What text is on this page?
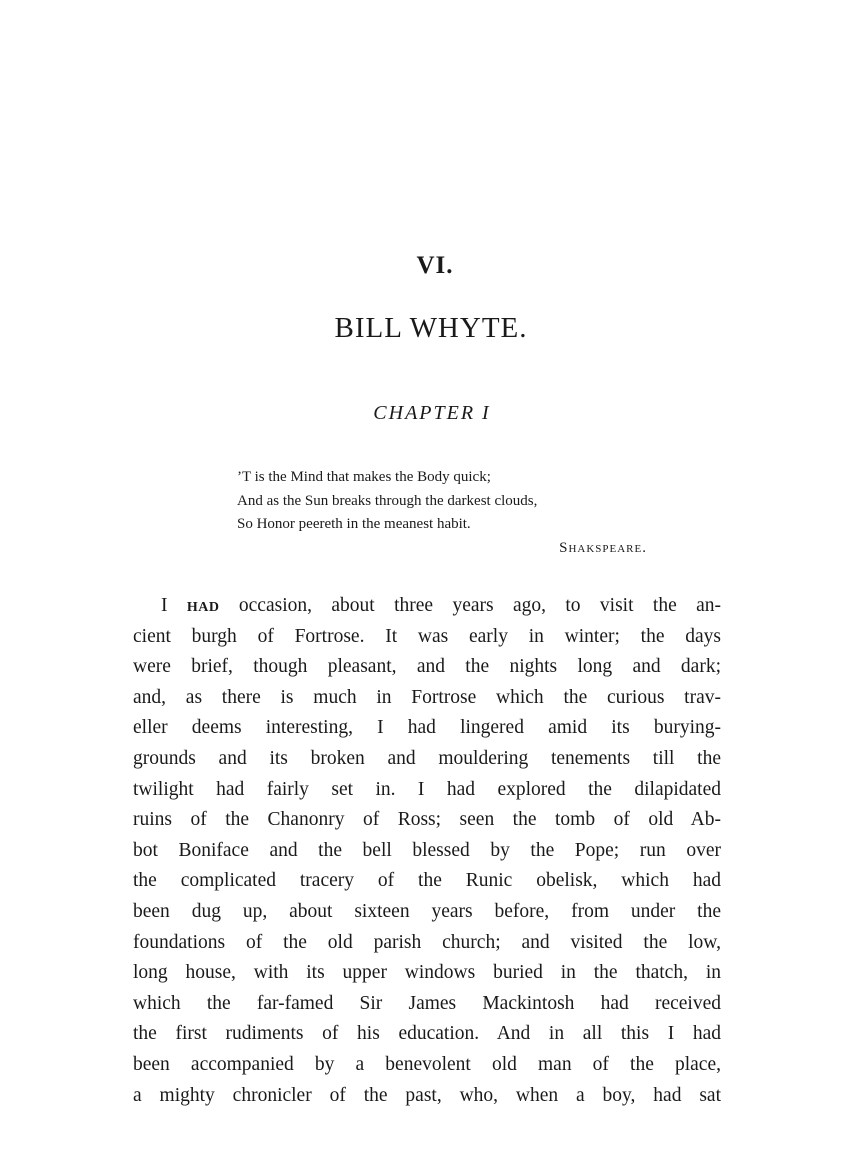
VI.
BILL WHYTE.
CHAPTER I
’T is the Mind that makes the Body quick;
And as the Sun breaks through the darkest clouds,
So Honor peereth in the meanest habit.
Shakspeare.
I had occasion, about three years ago, to visit the an-
cient burgh of Fortrose. It was early in winter; the days
were brief, though pleasant, and the nights long and dark;
and, as there is much in Fortrose which the curious trav-
eller deems interesting, I had lingered amid its burying-
grounds and its broken and mouldering tenements till the
twilight had fairly set in. I had explored the dilapidated
ruins of the Chanonry of Ross; seen the tomb of old Ab-
bot Boniface and the bell blessed by the Pope; run over
the complicated tracery of the Runic obelisk, which had
been dug up, about sixteen years before, from under the
foundations of the old parish church; and visited the low,
long house, with its upper windows buried in the thatch, in
which the far-famed Sir James Mackintosh had received
the first rudiments of his education. And in all this I had
been accompanied by a benevolent old man of the place,
a mighty chronicler of the past, who, when a boy, had sat
